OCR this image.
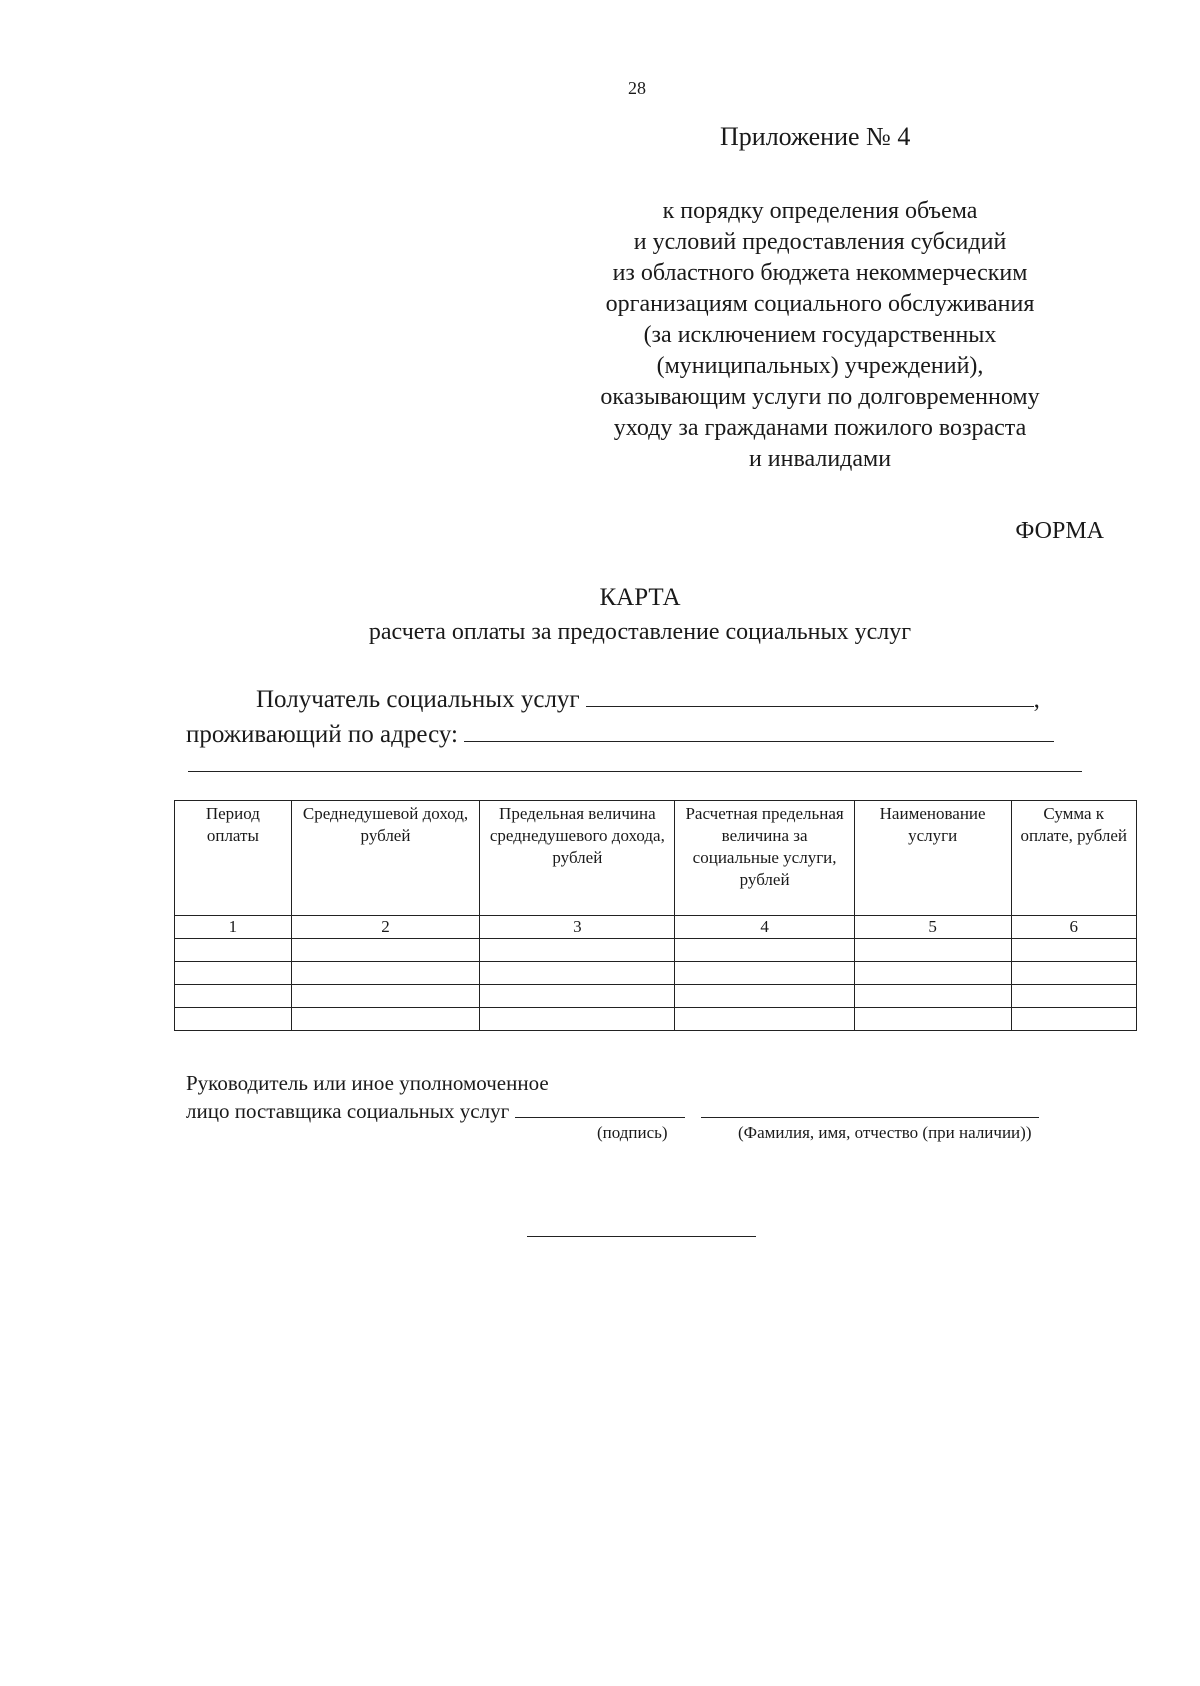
28
Приложение № 4
к порядку определения объема
и условий предоставления субсидий
из областного бюджета некоммерческим
организациям социального обслуживания
(за исключением государственных
(муниципальных) учреждений),
оказывающим услуги по долговременному
уходу за гражданами пожилого возраста
и инвалидами
ФОРМА
КАРТА
расчета оплаты за предоставление социальных услуг
Получатель социальных услуг	,
проживающий по адресу:
Период оплаты	Среднедушевой доход, рублей	Предельная величина среднедушевого дохода, рублей	Расчетная предельная величина за социальные услуги, рублей	Наименование услуги	Сумма к оплате, рублей
1	2	3	4	5	6

Руководитель или иное уполномоченное
лицо поставщика социальных услуг
(подпись)	(Фамилия, имя, отчество (при наличии))
